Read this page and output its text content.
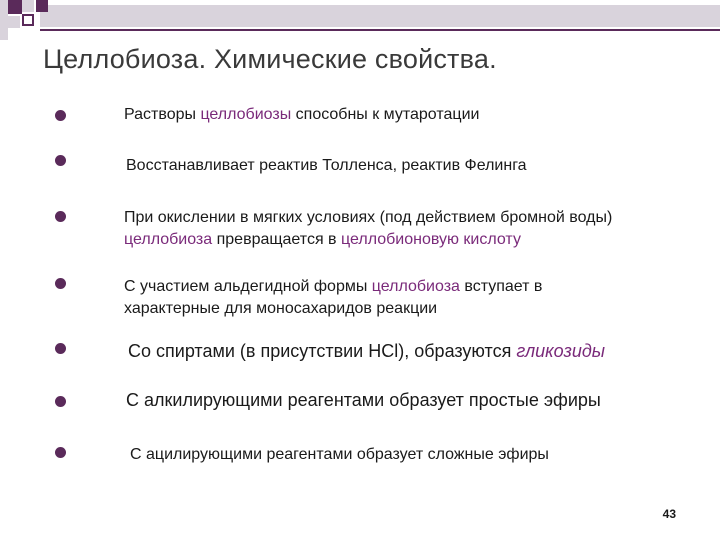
Целлобиоза. Химические свойства.
Растворы целлобиозы способны к мутаротации
Восстанавливает реактив Толленса, реактив Фелинга
При окислении в мягких условиях (под действием бромной воды) целлобиоза превращается в целлобионовую кислоту
С участием альдегидной формы целлобиоза вступает в характерные для моносахаридов реакции
Со спиртами (в присутствии HCl), образуются гликозиды
С алкилирующими реагентами образует простые эфиры
С ацилирующими реагентами образует сложные эфиры
43
